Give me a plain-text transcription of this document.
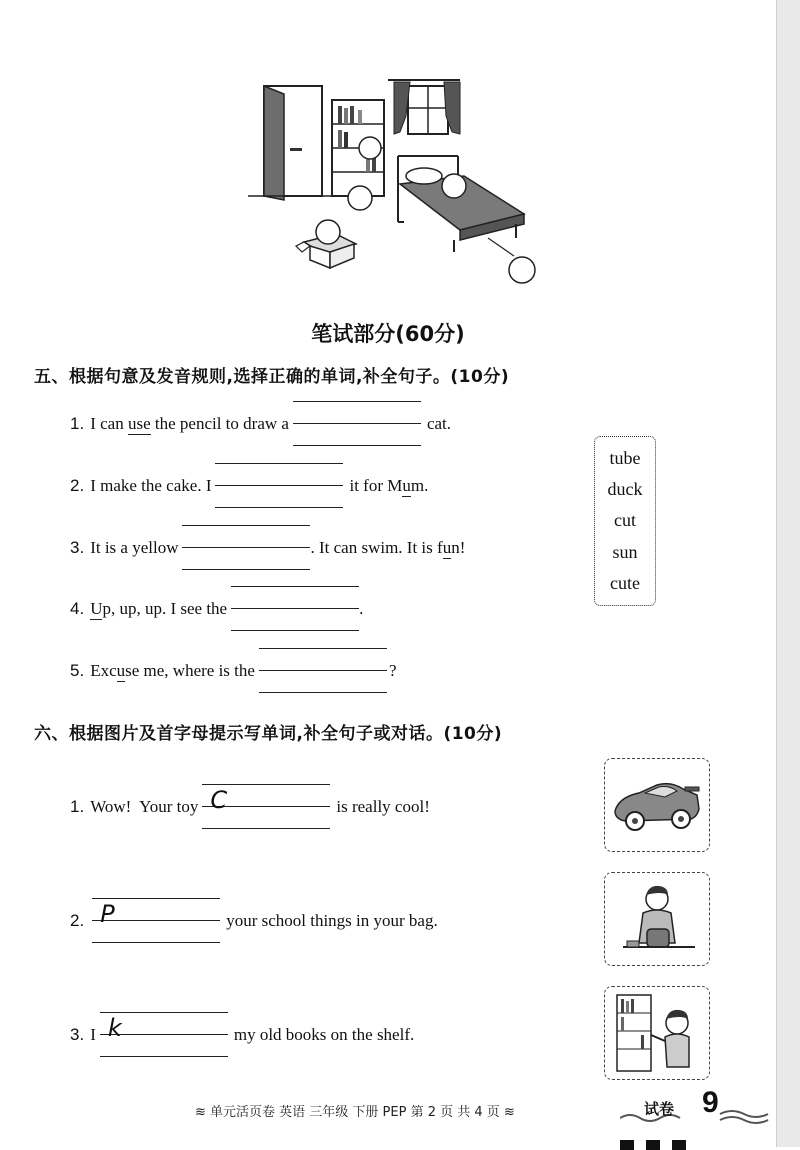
笔试部分(60分)
五、根据句意及发音规则,选择正确的单词,补全句子。(10分)
1. I can use the pencil to draw a	cat.
2. I make the cake. I	it for M u m.
3. It is a yellow	. It can swim. It is f u n!
4. U p, up, up. I see the	.
5. Exc u se me, where is the	?
tube
duck
cut
sun
cute
六、根据图片及首字母提示写单词,补全句子或对话。(10分)
1. Wow!  Your toy C	is really cool!
2. P	your school things in your bag.
3. I k	my old books on the shelf.
≋ 单元活页卷 英语 三年级 下册 PEP 第 2 页 共 4 页 ≋	试卷 9
